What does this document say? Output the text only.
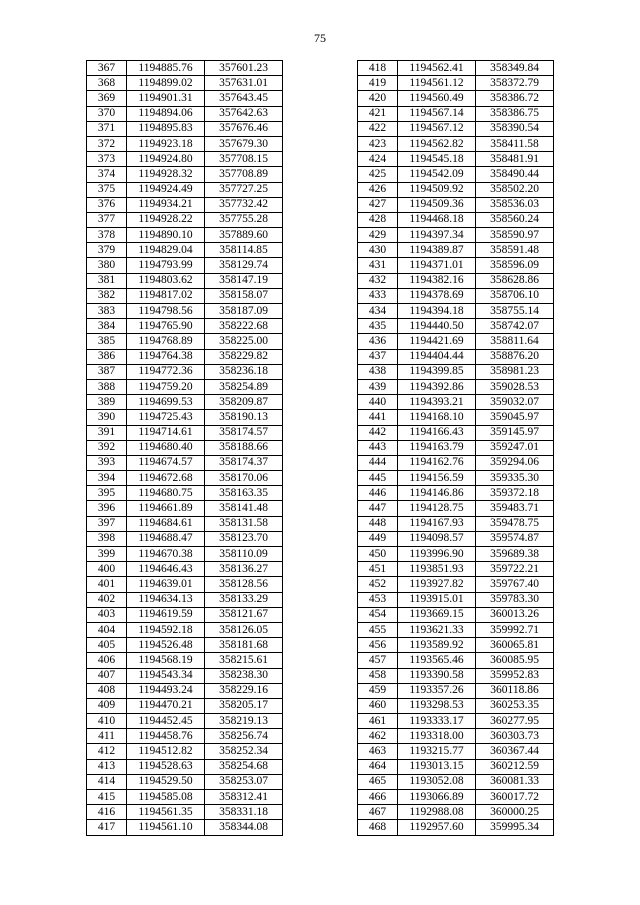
75
367	1194885.76	357601.23
368	1194899.02	357631.01
369	1194901.31	357643.45
370	1194894.06	357642.63
371	1194895.83	357676.46
372	1194923.18	357679.30
373	1194924.80	357708.15
374	1194928.32	357708.89
375	1194924.49	357727.25
376	1194934.21	357732.42
377	1194928.22	357755.28
378	1194890.10	357889.60
379	1194829.04	358114.85
380	1194793.99	358129.74
381	1194803.62	358147.19
382	1194817.02	358158.07
383	1194798.56	358187.09
384	1194765.90	358222.68
385	1194768.89	358225.00
386	1194764.38	358229.82
387	1194772.36	358236.18
388	1194759.20	358254.89
389	1194699.53	358209.87
390	1194725.43	358190.13
391	1194714.61	358174.57
392	1194680.40	358188.66
393	1194674.57	358174.37
394	1194672.68	358170.06
395	1194680.75	358163.35
396	1194661.89	358141.48
397	1194684.61	358131.58
398	1194688.47	358123.70
399	1194670.38	358110.09
400	1194646.43	358136.27
401	1194639.01	358128.56
402	1194634.13	358133.29
403	1194619.59	358121.67
404	1194592.18	358126.05
405	1194526.48	358181.68
406	1194568.19	358215.61
407	1194543.34	358238.30
408	1194493.24	358229.16
409	1194470.21	358205.17
410	1194452.45	358219.13
411	1194458.76	358256.74
412	1194512.82	358252.34
413	1194528.63	358254.68
414	1194529.50	358253.07
415	1194585.08	358312.41
416	1194561.35	358331.18
417	1194561.10	358344.08
418	1194562.41	358349.84
419	1194561.12	358372.79
420	1194560.49	358386.72
421	1194567.14	358386.75
422	1194567.12	358390.54
423	1194562.82	358411.58
424	1194545.18	358481.91
425	1194542.09	358490.44
426	1194509.92	358502.20
427	1194509.36	358536.03
428	1194468.18	358560.24
429	1194397.34	358590.97
430	1194389.87	358591.48
431	1194371.01	358596.09
432	1194382.16	358628.86
433	1194378.69	358706.10
434	1194394.18	358755.14
435	1194440.50	358742.07
436	1194421.69	358811.64
437	1194404.44	358876.20
438	1194399.85	358981.23
439	1194392.86	359028.53
440	1194393.21	359032.07
441	1194168.10	359045.97
442	1194166.43	359145.97
443	1194163.79	359247.01
444	1194162.76	359294.06
445	1194156.59	359335.30
446	1194146.86	359372.18
447	1194128.75	359483.71
448	1194167.93	359478.75
449	1194098.57	359574.87
450	1193996.90	359689.38
451	1193851.93	359722.21
452	1193927.82	359767.40
453	1193915.01	359783.30
454	1193669.15	360013.26
455	1193621.33	359992.71
456	1193589.92	360065.81
457	1193565.46	360085.95
458	1193390.58	359952.83
459	1193357.26	360118.86
460	1193298.53	360253.35
461	1193333.17	360277.95
462	1193318.00	360303.73
463	1193215.77	360367.44
464	1193013.15	360212.59
465	1193052.08	360081.33
466	1193066.89	360017.72
467	1192988.08	360000.25
468	1192957.60	359995.34
